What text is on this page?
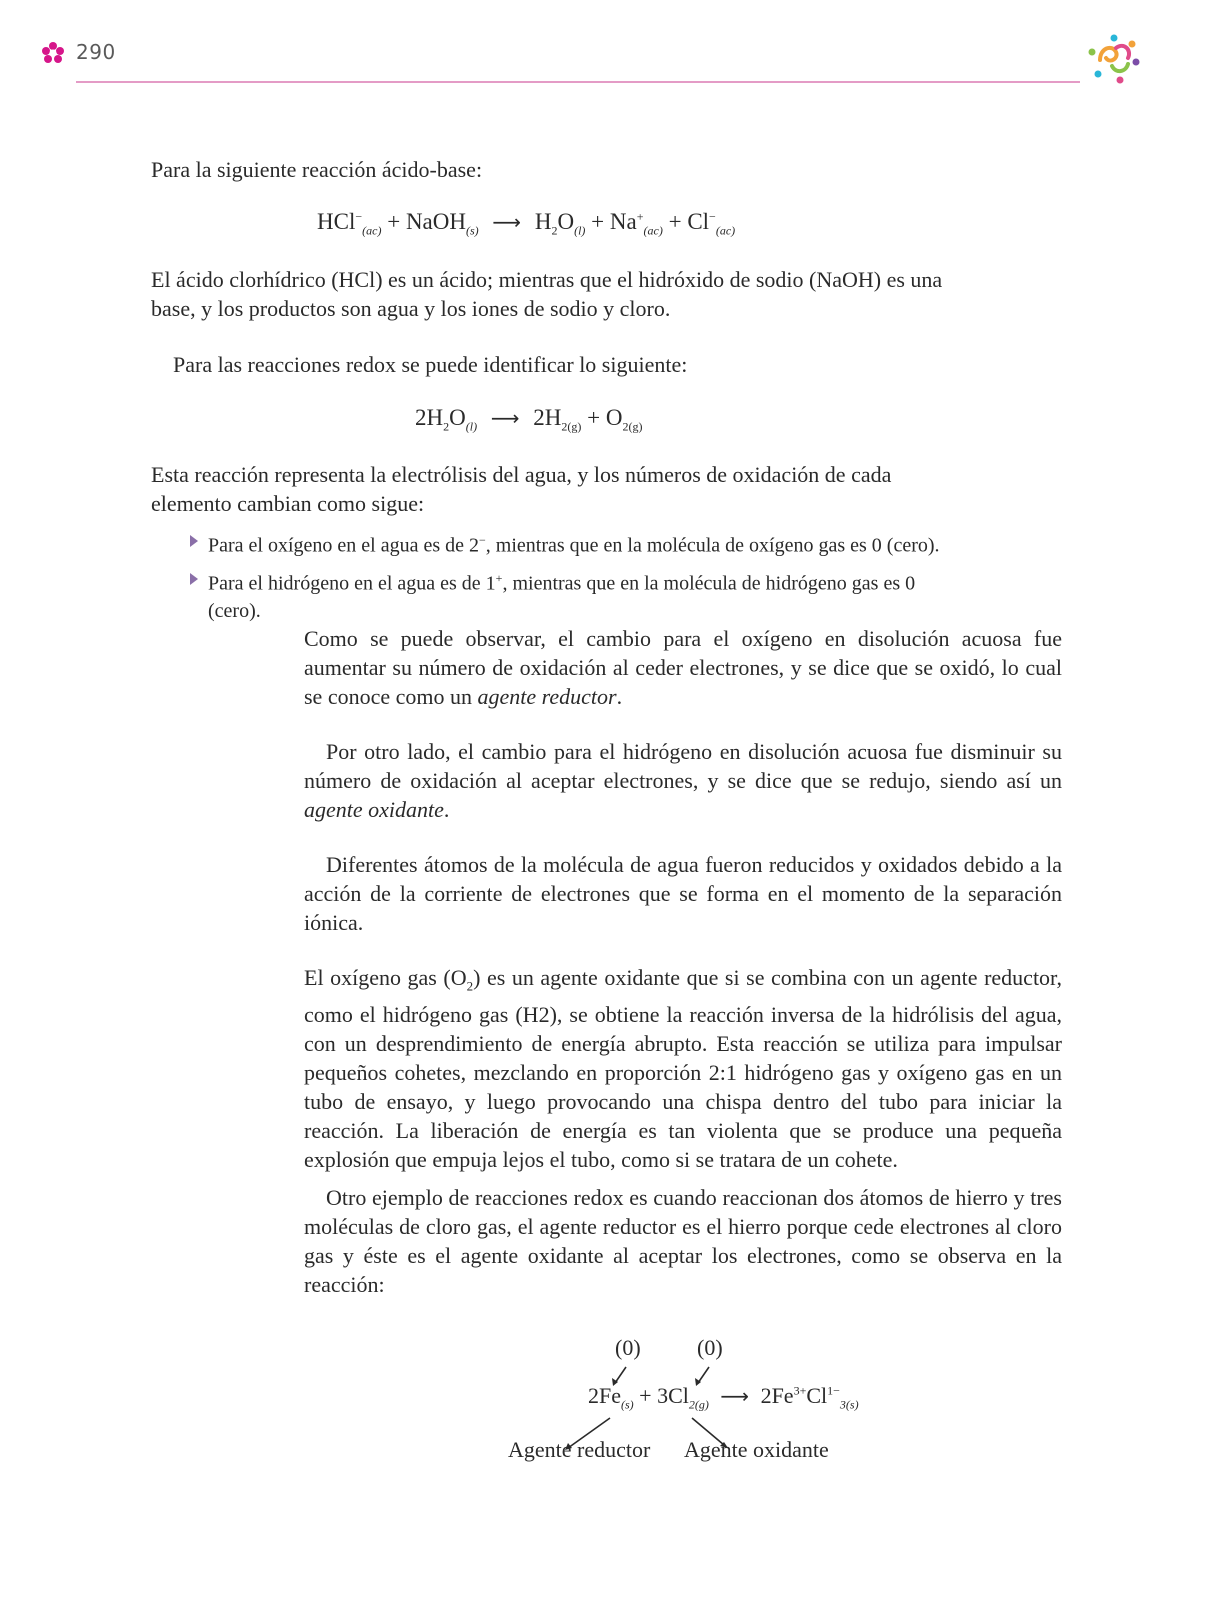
290

Para la siguiente reacción ácido-base:

HCl−$_{(ac)}$ + NaOH$_{(s)}$ ⟶ $H_2O_{(l)} + Na^+_{(ac)} + Cl^-_{(ac)}$

El ácido clorhídrico (HCl) es un ácido; mientras que el hidróxido de sodio (NaOH) es una base, y los productos son agua y los iones de sodio y cloro.

Para las reacciones redox se puede identificar lo siguiente:

$2H_2O_{(l)}$ ⟶ $2H_{2(g)} + O_{2(g)}$

Esta reacción representa la electrólisis del agua, y los números de oxidación de cada elemento cambian como sigue:

Para el oxígeno en el agua es de 2−, mientras que en la molécula de oxígeno gas es 0 (cero).
Para el hidrógeno en el agua es de 1+, mientras que en la molécula de hidrógeno gas es 0 (cero).

Como se puede observar, el cambio para el oxígeno en disolución acuosa fue aumentar su número de oxidación al ceder electrones, y se dice que se oxidó, lo cual se conoce como un agente reductor.

Por otro lado, el cambio para el hidrógeno en disolución acuosa fue disminuir su número de oxidación al aceptar electrones, y se dice que se redujo, siendo así un agente oxidante.

Diferentes átomos de la molécula de agua fueron reducidos y oxidados debido a la acción de la corriente de electrones que se forma en el momento de la separación iónica.

El oxígeno gas $(O_2)$ es un agente oxidante que si se combina con un agente reductor, como el hidrógeno gas (H2), se obtiene la reacción inversa de la hidrólisis del agua, con un desprendimiento de energía abrupto. Esta reacción se utiliza para impulsar pequeños cohetes, mezclando en proporción 2:1 hidrógeno gas y oxígeno gas en un tubo de ensayo, y luego provocando una chispa dentro del tubo para iniciar la reacción. La liberación de energía es tan violenta que se produce una pequeña explosión que empuja lejos el tubo, como si se tratara de un cohete.

Otro ejemplo de reacciones redox es cuando reaccionan dos átomos de hierro y tres moléculas de cloro gas, el agente reductor es el hierro porque cede electrones al cloro gas y éste es el agente oxidante al aceptar los electrones, como se observa en la reacción:

(0)	(0)
$2Fe_{(s)} + 3Cl_{2(g)}$ ⟶ $2Fe^{3+}Cl^{1-}_{3(s)}$
Agente reductor Agente oxidante
